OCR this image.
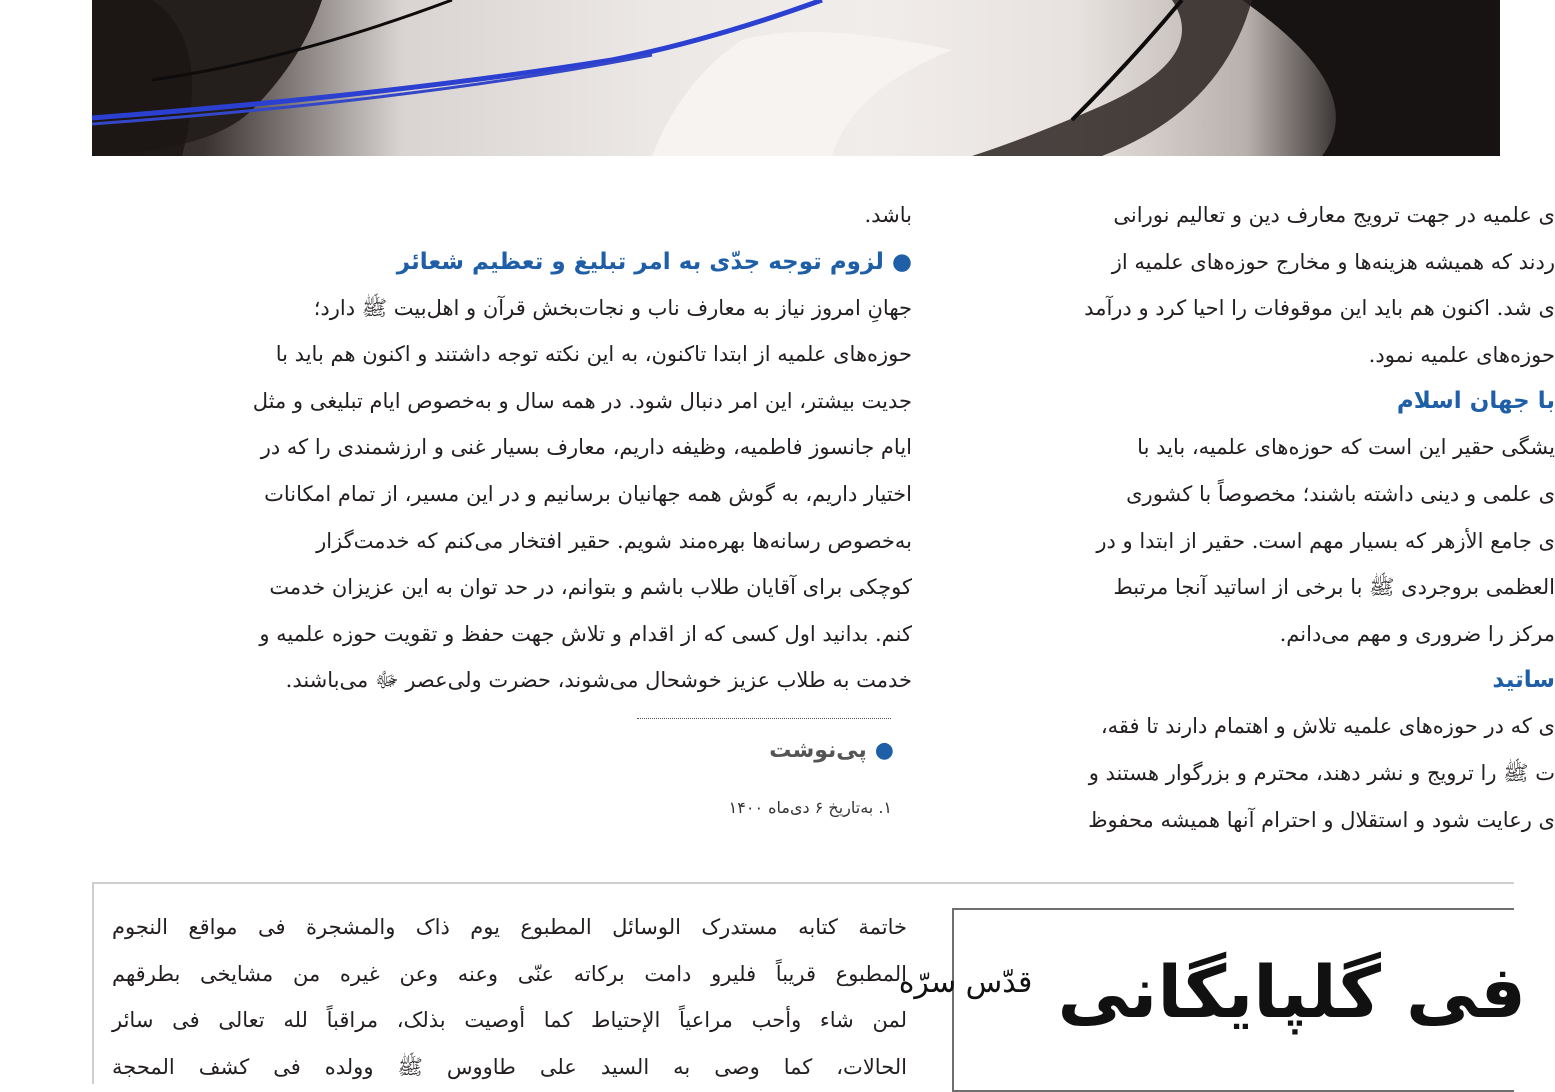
باشد.

●لزوم توجه جدّی به امر تبلیغ و تعظیم شعائر

جهانِ امروز نیاز به معارف ناب و نجات‌بخش قرآن و اهل‌بیت ﷺ دارد؛

حوزه‌های علمیه از ابتدا تاکنون، به این نکته توجه داشتند و اکنون هم باید با

جدیت بیشتر، این امر دنبال شود. در همه سال و به‌خصوص ایام تبلیغی و مثل

ایام جانسوز فاطمیه، وظیفه داریم، معارف بسیار غنی و ارزشمندی را که در

اختیار داریم، به گوش همه جهانیان برسانیم و در این مسیر، از تمام امکانات

به‌خصوص رسانه‌ها بهره‌مند شویم. حقیر افتخار می‌کنم که خدمت‌گزار

کوچکی برای آقایان طلاب باشم و بتوانم، در حد توان به این عزیزان خدمت

کنم. بدانید اول کسی که از اقدام و تلاش جهت حفظ و تقویت حوزه علمیه و

خدمت به طلاب عزیز خوشحال می‌شوند، حضرت ولی‌عصر ﷻ می‌باشند.

●پی‌نوشت
۱. به‌تاریخ ۶ دی‌ماه ۱۴۰۰

ی علمیه در جهت ترویج معارف دین و تعالیم نورانی

ردند که همیشه هزینه‌ها و مخارج حوزه‌های علمیه از

ی شد. اکنون هم باید این موقوفات را احیا کرد و درآمد

حوزه‌های علمیه نمود.

با جهان اسلام

یشگی حقیر این است که حوزه‌های علمیه، باید با

ی علمی و دینی داشته باشند؛ مخصوصاً با کشوری

ی جامع الأزهر که بسیار مهم است. حقیر از ابتدا و در

العظمی بروجردی ﷺ با برخی از اساتید آنجا مرتبط

مرکز را ضروری و مهم می‌دانم.

ساتید

ی که در حوزه‌های علمیه تلاش و اهتمام دارند تا فقه،

ت ﷺ را ترویج و نشر دهند، محترم و بزرگوار هستند و

ی رعایت شود و استقلال و احترام آنها همیشه محفوظ

خاتمة کتابه مستدرک الوسائل المطبوع یوم ذاک والمشجرة فی مواقع النجوم

المطبوع قریباً فلیرو دامت برکاته عنّی وعنه وعن غیره من مشایخی بطرقهم

لمن شاء وأحب مراعیاً الإحتیاط کما أوصیت بذلک، مراقباً لله تعالی فی سائر

الحالات، کما وصی به السید علی طاووس ﷺ وولده فی کشف المحجة

فی گلپایگانی $^{قدّس سرّه}$
